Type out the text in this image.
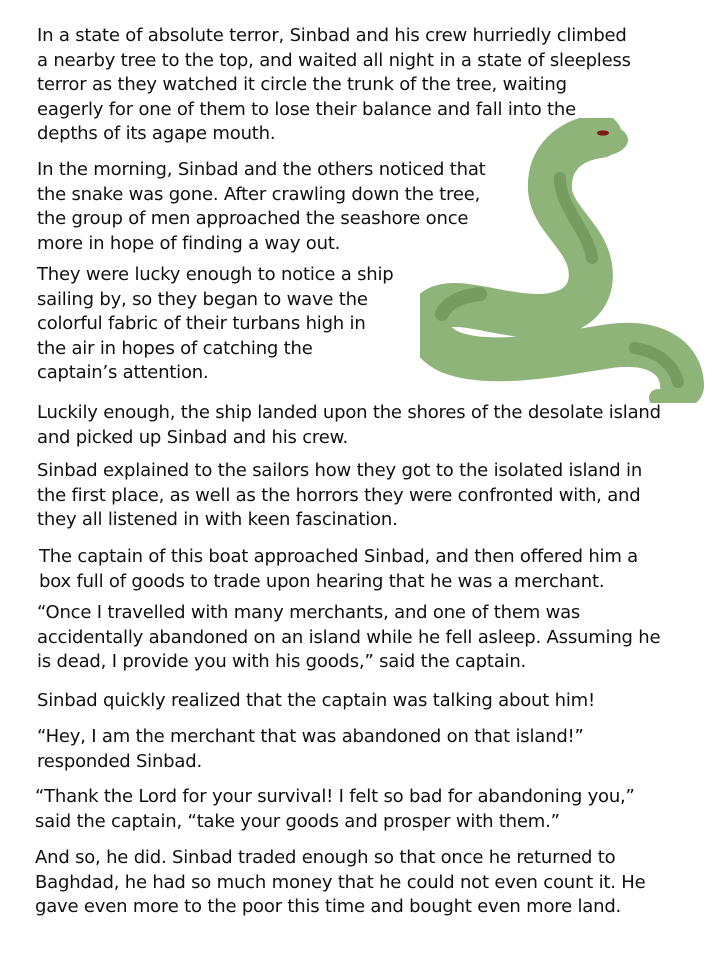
In a state of absolute terror, Sinbad and his crew hurriedly climbed
a nearby tree to the top, and waited all night in a state of sleepless
terror as they watched it circle the trunk of the tree, waiting
eagerly for one of them to lose their balance and fall into the
depths of its agape mouth.

In the morning, Sinbad and the others noticed that
the snake was gone. After crawling down the tree,
the group of men approached the seashore once
more in hope of finding a way out.

They were lucky enough to notice a ship
sailing by, so they began to wave the
colorful fabric of their turbans high in
the air in hopes of catching the
captain’s attention.

Luckily enough, the ship landed upon the shores of the desolate island
and picked up Sinbad and his crew.

Sinbad explained to the sailors how they got to the isolated island in
the first place, as well as the horrors they were confronted with, and
they all listened in with keen fascination.

The captain of this boat approached Sinbad, and then offered him a
box full of goods to trade upon hearing that he was a merchant.

“Once I travelled with many merchants, and one of them was
accidentally abandoned on an island while he fell asleep. Assuming he
is dead, I provide you with his goods,” said the captain.

Sinbad quickly realized that the captain was talking about him!

“Hey, I am the merchant that was abandoned on that island!”
responded Sinbad.

“Thank the Lord for your survival! I felt so bad for abandoning you,”
said the captain, “take your goods and prosper with them.”

And so, he did. Sinbad traded enough so that once he returned to
Baghdad, he had so much money that he could not even count it. He
gave even more to the poor this time and bought even more land.
